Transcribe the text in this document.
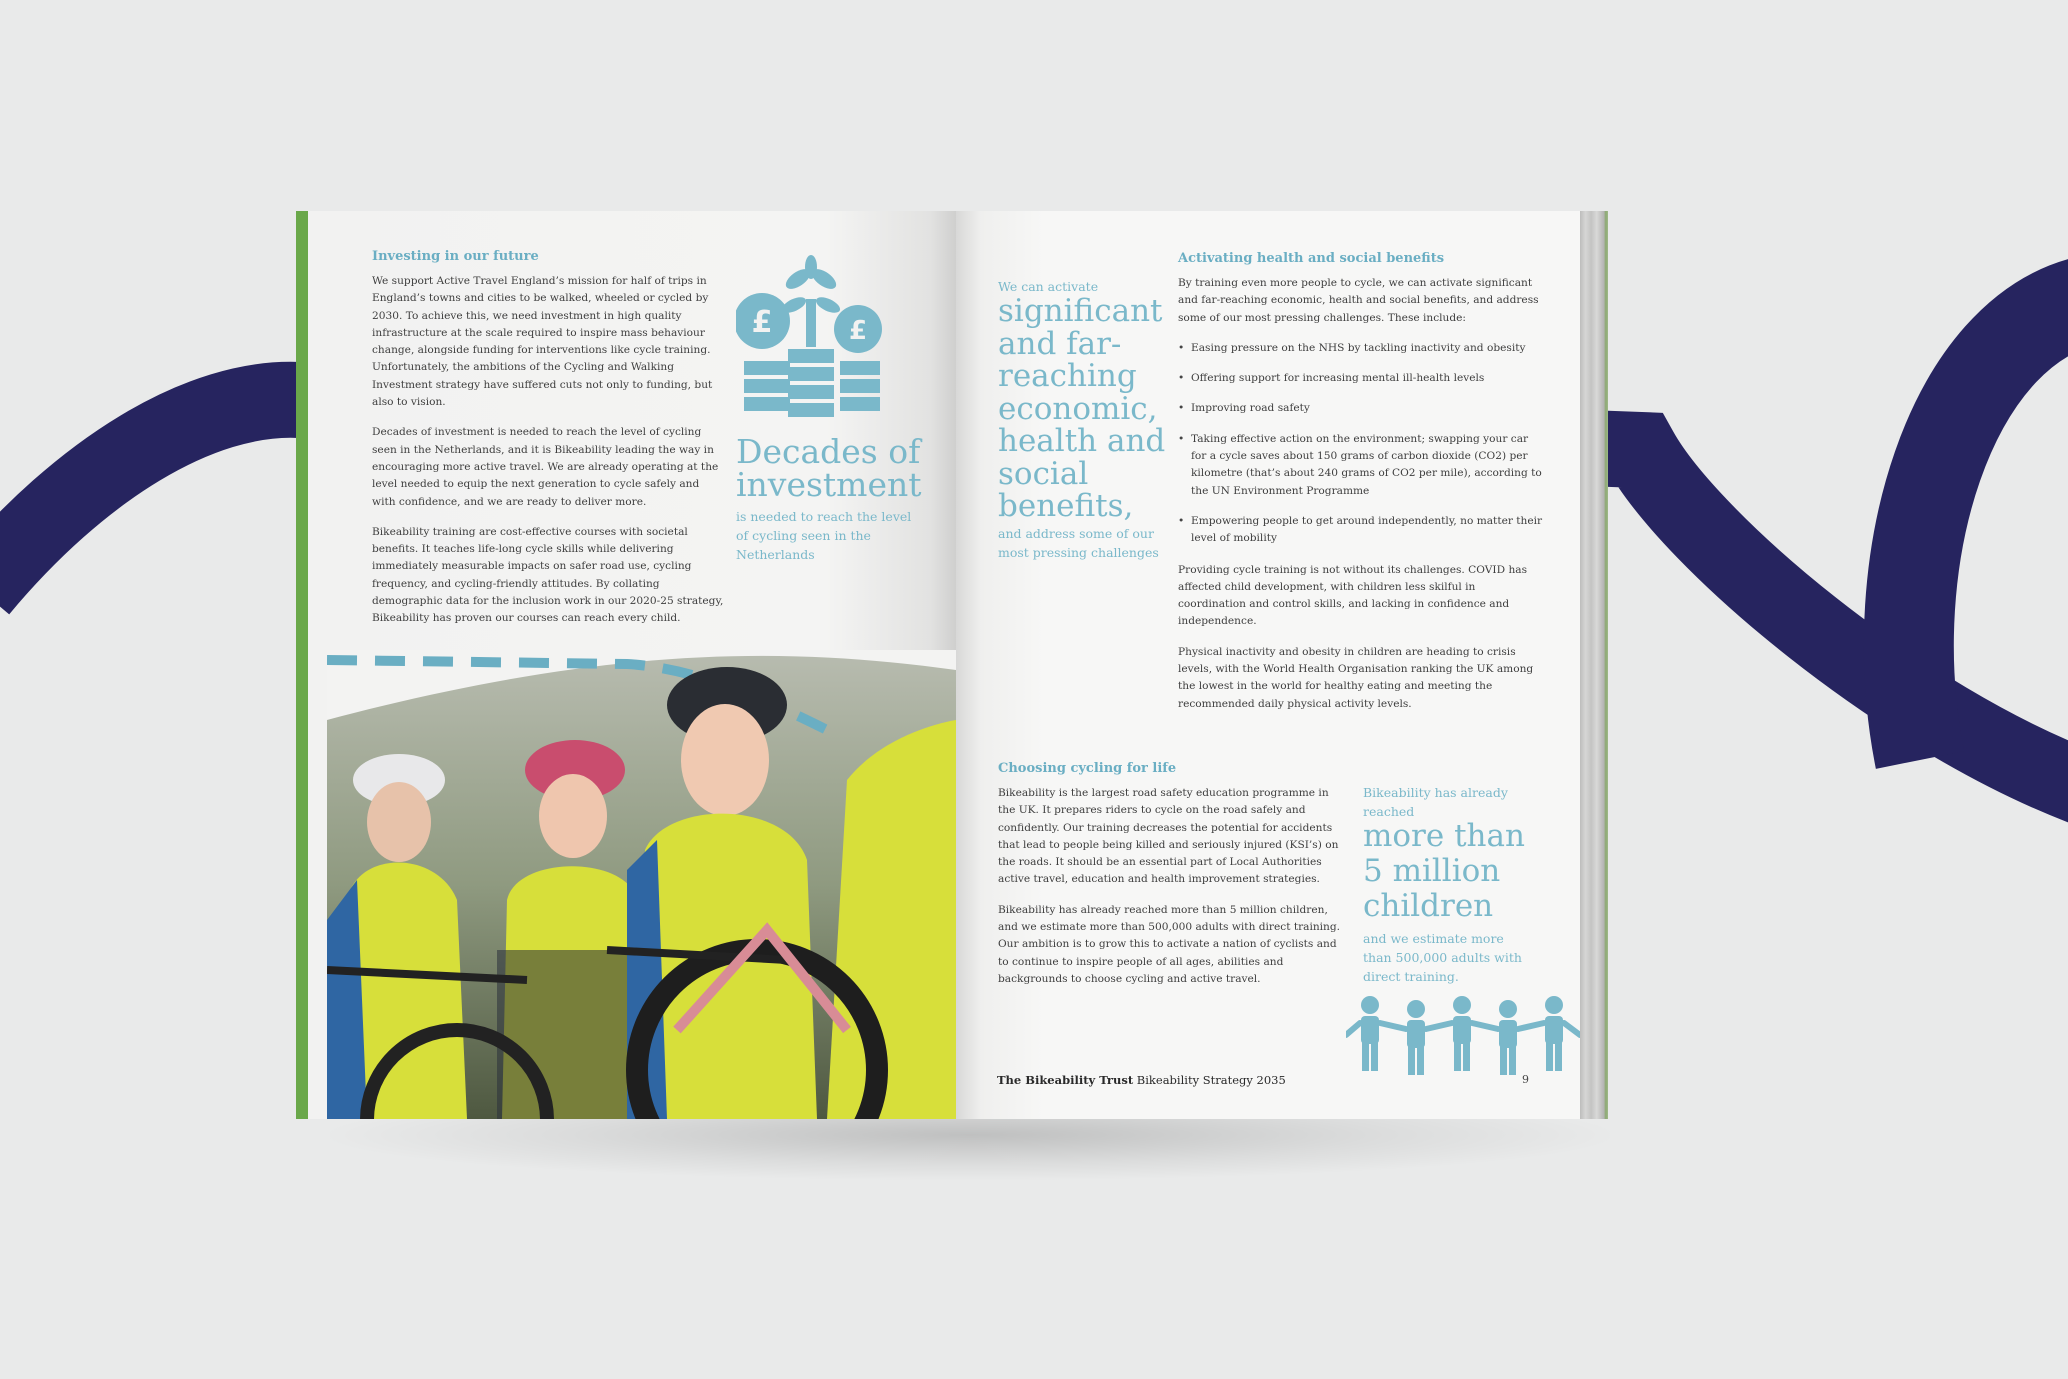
Investing in our future

We support Active Travel England’s mission for half of trips in England’s towns and cities to be walked, wheeled or cycled by 2030. To achieve this, we need investment in high quality infrastructure at the scale required to inspire mass behaviour change, alongside funding for interventions like cycle training. Unfortunately, the ambitions of the Cycling and Walking Investment strategy have suffered cuts not only to funding, but also to vision.

Decades of investment is needed to reach the level of cycling seen in the Netherlands, and it is Bikeability leading the way in encouraging more active travel. We are already operating at the level needed to equip the next generation to cycle safely and with confidence, and we are ready to deliver more.

Bikeability training are cost-effective courses with societal benefits. It teaches life-long cycle skills while delivering immediately measurable impacts on safer road use, cycling frequency, and cycling-friendly attitudes. By collating demographic data for the inclusion work in our 2020-25 strategy, Bikeability has proven our courses can reach every child.

£	£
Decades of investment
is needed to reach the level of cycling seen in the Netherlands
We can activate
significant and far-reaching economic, health and social benefits,
and address some of our most pressing challenges
Activating health and social benefits

By training even more people to cycle, we can activate significant and far-reaching economic, health and social benefits, and address some of our most pressing challenges. These include:

• Easing pressure on the NHS by tackling inactivity and obesity
• Offering support for increasing mental ill-health levels
• Improving road safety
• Taking effective action on the environment; swapping your car for a cycle saves about 150 grams of carbon dioxide (CO2) per kilometre (that’s about 240 grams of CO2 per mile), according to the UN Environment Programme
• Empowering people to get around independently, no matter their level of mobility

Providing cycle training is not without its challenges. COVID has affected child development, with children less skilful in coordination and control skills, and lacking in confidence and independence.

Physical inactivity and obesity in children are heading to crisis levels, with the World Health Organisation ranking the UK among the lowest in the world for healthy eating and meeting the recommended daily physical activity levels.

Choosing cycling for life

Bikeability is the largest road safety education programme in the UK. It prepares riders to cycle on the road safely and confidently. Our training decreases the potential for accidents that lead to people being killed and seriously injured (KSI’s) on the roads. It should be an essential part of Local Authorities active travel, education and health improvement strategies.

Bikeability has already reached more than 5 million children, and we estimate more than 500,000 adults with direct training. Our ambition is to grow this to activate a nation of cyclists and to continue to inspire people of all ages, abilities and backgrounds to choose cycling and active travel.

Bikeability has already reached
more than 5 million children
and we estimate more than 500,000 adults with direct training.

The Bikeability Trust Bikeability Strategy 2035	9
